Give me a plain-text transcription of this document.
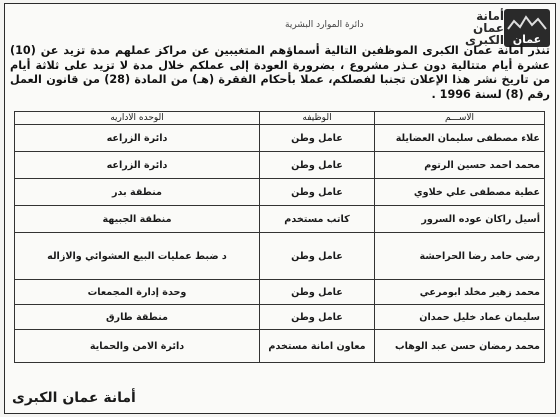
أمانة
عمان
الكبرى عمان
دائرة الموارد البشرية
تنذر أمانة عمان الكبرى الموظفين التالية أسماؤهم المتغيبين عن مراكز عملهم مدة تزيد عن (10) عشرة أيام متتالية دون عـذر مشروع ، بضرورة العودة إلى عملكم خلال مدة لا تزيد على ثلاثة أيام من تاريخ نشر هذا الإعلان تجنبا لفصلكم، عملا بأحكام الفقرة (هـ) من المادة (28) من قانون العمل رقم (8) لسنة 1996 .
الاســـم	الوظيفه	الوحده الاداريه
علاء مصطفى سليمان العضايلة	عامل وطن	دائرة الزراعه
محمد احمد حسين الرتوم	عامل وطن	دائرة الزراعه
عطية مصطفى علي خلاوي	عامل وطن	منطقة بدر
أسيل راكان عوده السرور	كاتب مستخدم	منطقة الجبيهة
رضي حامد رضا الحراحشة	عامل وطن	د ضبط عمليات البيع العشوائي والازاله
محمد زهير مخلد ابومرعي	عامل وطن	وحدة إدارة المجمعات
سليمان عماد خليل حمدان	عامل وطن	منطقة طارق
محمد رمضان حسن عبد الوهاب	معاون امانة مستخدم	دائرة الامن والحماية
أمانة عمان الكبرى
